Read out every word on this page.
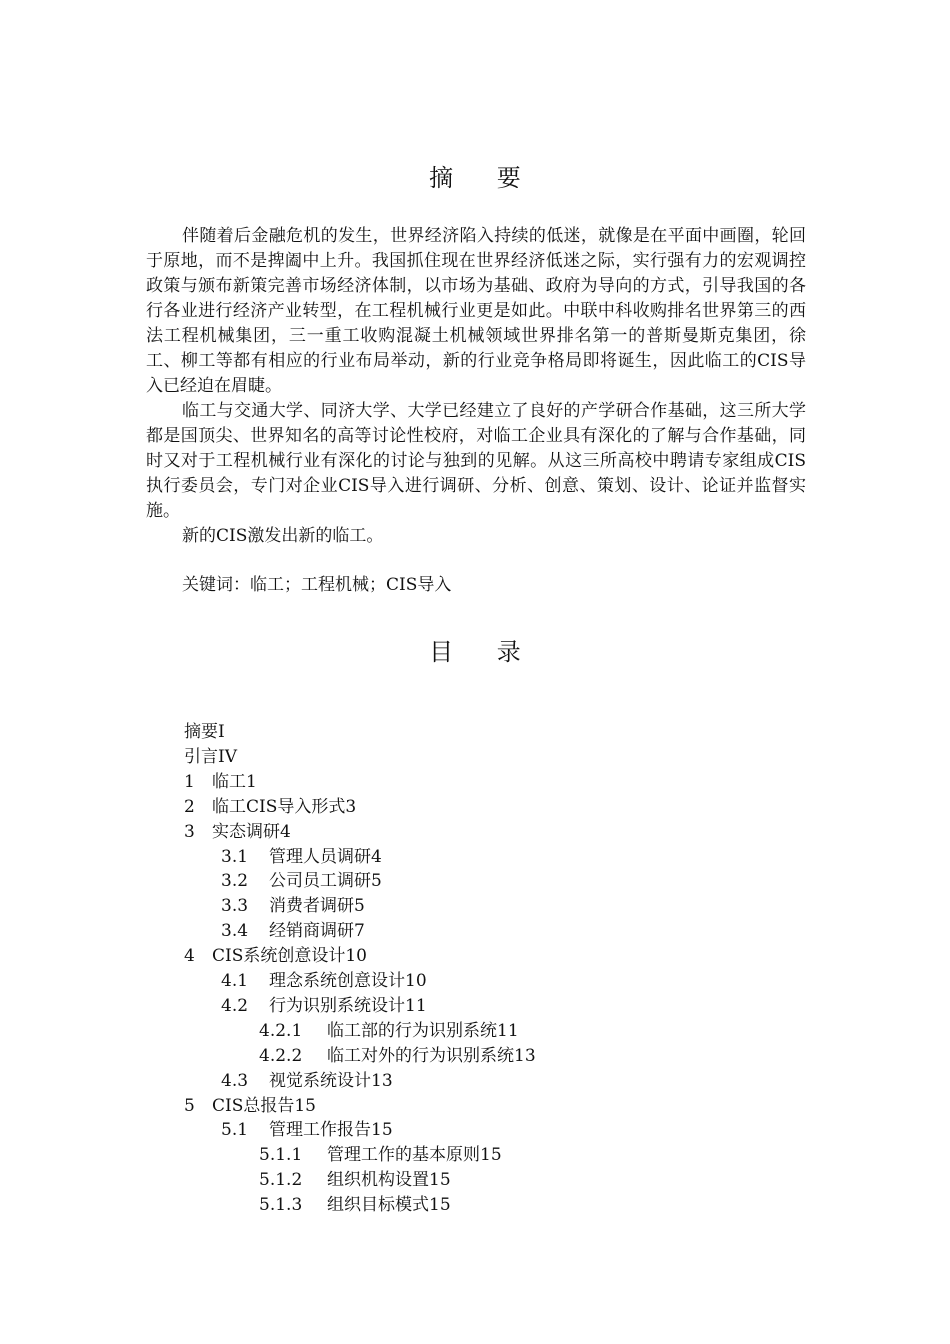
摘 要

伴随着后金融危机的发生，世界经济陷入持续的低迷，就像是在平面中画圈，轮回于原地，而不是捭阖中上升。我国抓住现在世界经济低迷之际，实行强有力的宏观调控政策与颁布新策完善市场经济体制，以市场为基础、政府为导向的方式，引导我国的各行各业进行经济产业转型，在工程机械行业更是如此。中联中科收购排名世界第三的西法工程机械集团，三一重工收购混凝土机械领域世界排名第一的普斯曼斯克集团，徐工、柳工等都有相应的行业布局举动，新的行业竞争格局即将诞生，因此临工的CIS导入已经迫在眉睫。

临工与交通大学、同济大学、大学已经建立了良好的产学研合作基础，这三所大学都是国顶尖、世界知名的高等讨论性校府，对临工企业具有深化的了解与合作基础，同时又对于工程机械行业有深化的讨论与独到的见解。从这三所高校中聘请专家组成CIS执行委员会，专门对企业CIS导入进行调研、分析、创意、策划、设计、论证并监督实施。

新的CIS激发出新的临工。

关键词：临工；工程机械；CIS导入
目 录
摘要I
引言IV
1 临工1
2 临工CIS导入形式3
3 实态调研4
3.1 管理人员调研4
3.2 公司员工调研5
3.3 消费者调研5
3.4 经销商调研7
4 CIS系统创意设计10
4.1 理念系统创意设计10
4.2 行为识别系统设计11
4.2.1 临工部的行为识别系统11
4.2.2 临工对外的行为识别系统13
4.3 视觉系统设计13
5 CIS总报告15
5.1 管理工作报告15
5.1.1 管理工作的基本原则15
5.1.2 组织机构设置15
5.1.3 组织目标模式15
